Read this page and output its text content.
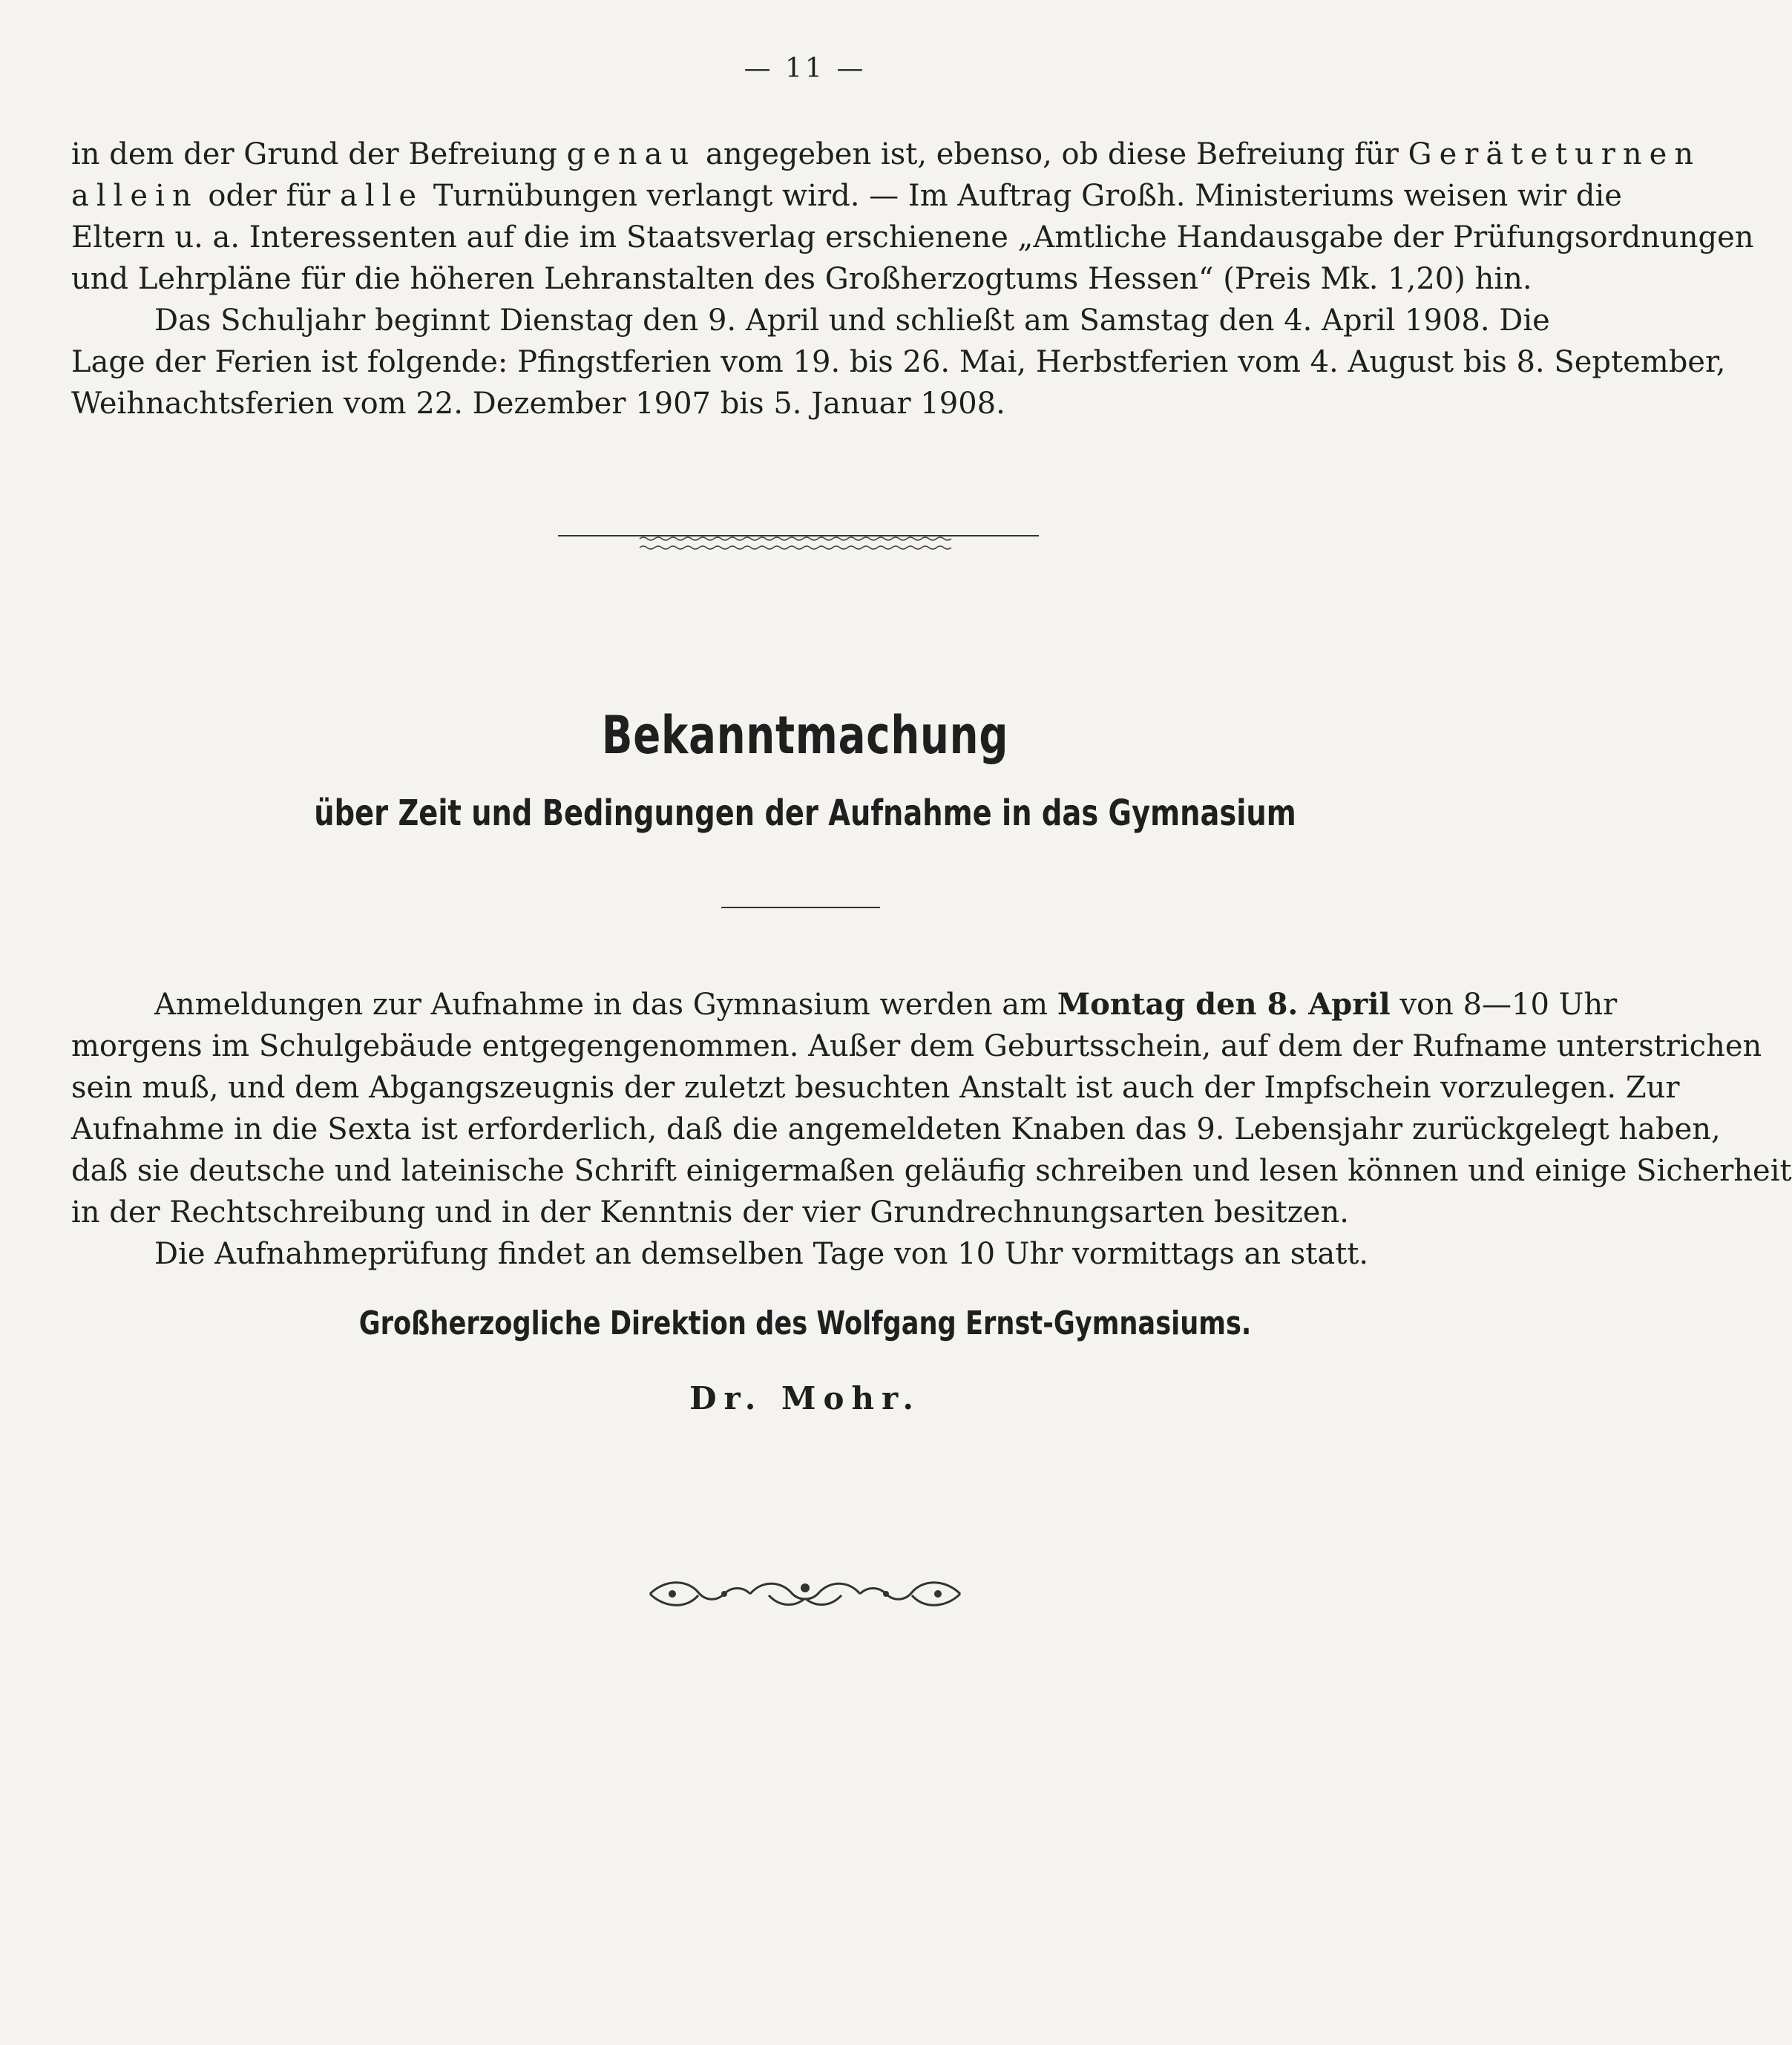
— 11 —
in dem der Grund der Befreiung genau angegeben ist, ebenso, ob diese Befreiung für Geräteturnen
allein oder für alle Turnübungen verlangt wird. — Im Auftrag Großh. Ministeriums weisen wir die
Eltern u. a. Interessenten auf die im Staatsverlag erschienene „Amtliche Handausgabe der Prüfungsordnungen
und Lehrpläne für die höheren Lehranstalten des Großherzogtums Hessen“ (Preis Mk. 1,20) hin.
Das Schuljahr beginnt Dienstag den 9. April und schließt am Samstag den 4. April 1908. Die
Lage der Ferien ist folgende: Pfingstferien vom 19. bis 26. Mai, Herbstferien vom 4. August bis 8. September,
Weihnachtsferien vom 22. Dezember 1907 bis 5. Januar 1908.
Bekanntmachung
über Zeit und Bedingungen der Aufnahme in das Gymnasium
Anmeldungen zur Aufnahme in das Gymnasium werden am Montag den 8. April von 8—10 Uhr
morgens im Schulgebäude entgegengenommen. Außer dem Geburtsschein, auf dem der Rufname unterstrichen
sein muß, und dem Abgangszeugnis der zuletzt besuchten Anstalt ist auch der Impfschein vorzulegen. Zur
Aufnahme in die Sexta ist erforderlich, daß die angemeldeten Knaben das 9. Lebensjahr zurückgelegt haben,
daß sie deutsche und lateinische Schrift einigermaßen geläufig schreiben und lesen können und einige Sicherheit
in der Rechtschreibung und in der Kenntnis der vier Grundrechnungsarten besitzen.
Die Aufnahmeprüfung findet an demselben Tage von 10 Uhr vormittags an statt.
Großherzogliche Direktion des Wolfgang Ernst-Gymnasiums.
Dr. Mohr.
